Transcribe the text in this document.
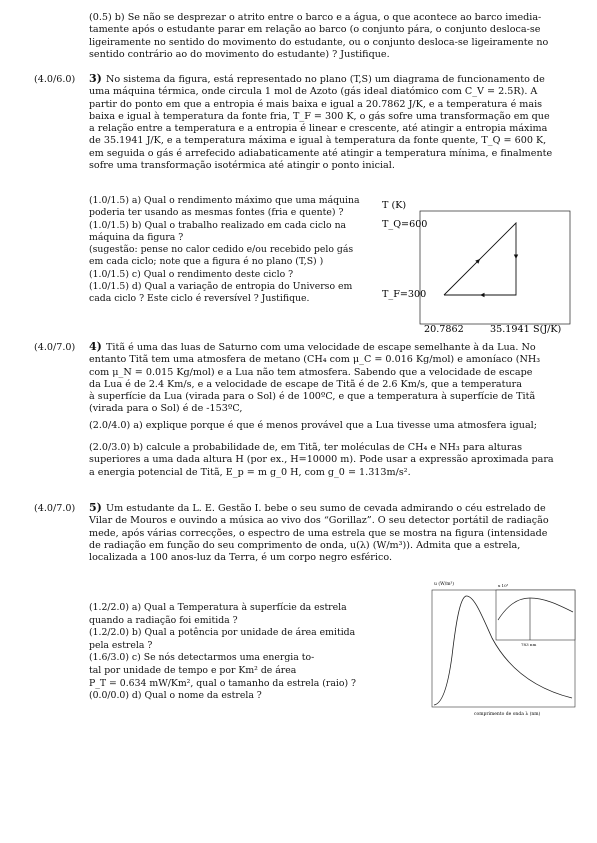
(0.5) b) Se não se desprezar o atrito entre o barco e a água, o que acontece ao barco imedia-
tamente após o estudante parar em relação ao barco (o conjunto pára, o conjunto desloca-se
ligeiramente no sentido do movimento do estudante, ou o conjunto desloca-se ligeiramente no
sentido contrário ao do movimento do estudante) ? Justifique.
(4.0/6.0) 3) No sistema da figura, está representado no plano (T,S) um diagrama de funcionamento de
uma máquina térmica, onde circula 1 mol de Azoto (gás ideal diatómico com C_V = 2.5R). A
partir do ponto em que a entropia é mais baixa e igual a 20.7862 J/K, e a temperatura é mais
baixa e igual à temperatura da fonte fria, T_F = 300 K, o gás sofre uma transformação em que
a relação entre a temperatura e a entropia é linear e crescente, até atingir a entropia máxima
de 35.1941 J/K, e a temperatura máxima e igual à temperatura da fonte quente, T_Q = 600 K,
em seguida o gás é arrefecido adiabaticamente até atingir a temperatura mínima, e finalmente
sofre uma transformação isotérmica até atingir o ponto inicial.
(1.0/1.5) a) Qual o rendimento máximo que uma máquina
poderia ter usando as mesmas fontes (fria e quente) ?
(1.0/1.5) b) Qual o trabalho realizado em cada ciclo na
máquina da figura ?
(sugestão: pense no calor cedido e/ou recebido pelo gás
em cada ciclo; note que a figura é no plano (T,S) )
(1.0/1.5) c) Qual o rendimento deste ciclo ?
(1.0/1.5) d) Qual a variação de entropia do Universo em
cada ciclo ? Este ciclo é reversível ? Justifique.
T (K)
T_Q=600
T_F=300
20.7862	35.1941 S(J/K)
(4.0/7.0) 4) Titã é uma das luas de Saturno com uma velocidade de escape semelhante à da Lua. No
entanto Titã tem uma atmosfera de metano (CH₄ com μ_C = 0.016 Kg/mol) e amoníaco (NH₃
com μ_N = 0.015 Kg/mol) e a Lua não tem atmosfera. Sabendo que a velocidade de escape
da Lua é de 2.4 Km/s, e a velocidade de escape de Titã é de 2.6 Km/s, que a temperatura
à superfície da Lua (virada para o Sol) é de 100ºC, e que a temperatura à superfície de Titã
(virada para o Sol) é de -153ºC,
(2.0/4.0) a) explique porque é que é menos provável que a Lua tivesse uma atmosfera igual;
(2.0/3.0) b) calcule a probabilidade de, em Titã, ter moléculas de CH₄ e NH₃ para alturas
superiores a uma dada altura H (por ex., H=10000 m). Pode usar a expressão aproximada para
a energia potencial de Titã, E_p = m g_0 H, com g_0 = 1.313m/s².
(4.0/7.0) 5) Um estudante da L. E. Gestão I. bebe o seu sumo de cevada admirando o céu estrelado de
Vilar de Mouros e ouvindo a música ao vivo dos “Gorillaz”. O seu detector portátil de radiação
mede, após várias correcções, o espectro de uma estrela que se mostra na figura (intensidade
de radiação em função do seu comprimento de onda, u(λ) (W/m³)). Admita que a estrela,
localizada a 100 anos-luz da Terra, é um corpo negro esférico.
(1.2/2.0) a) Qual a Temperatura à superfície da estrela
quando a radiação foi emitida ?
(1.2/2.0) b) Qual a potência por unidade de área emitida
pela estrela ?
(1.6/3.0) c) Se nós detectarmos uma energia to-
tal por unidade de tempo e por Km² de área
P_T = 0.634 mW/Km², qual o tamanho da estrela (raio) ?
(0.0/0.0) d) Qual o nome da estrela ?
u (W/m³)	x 10³
783 nm
comprimento de onda λ (nm)
